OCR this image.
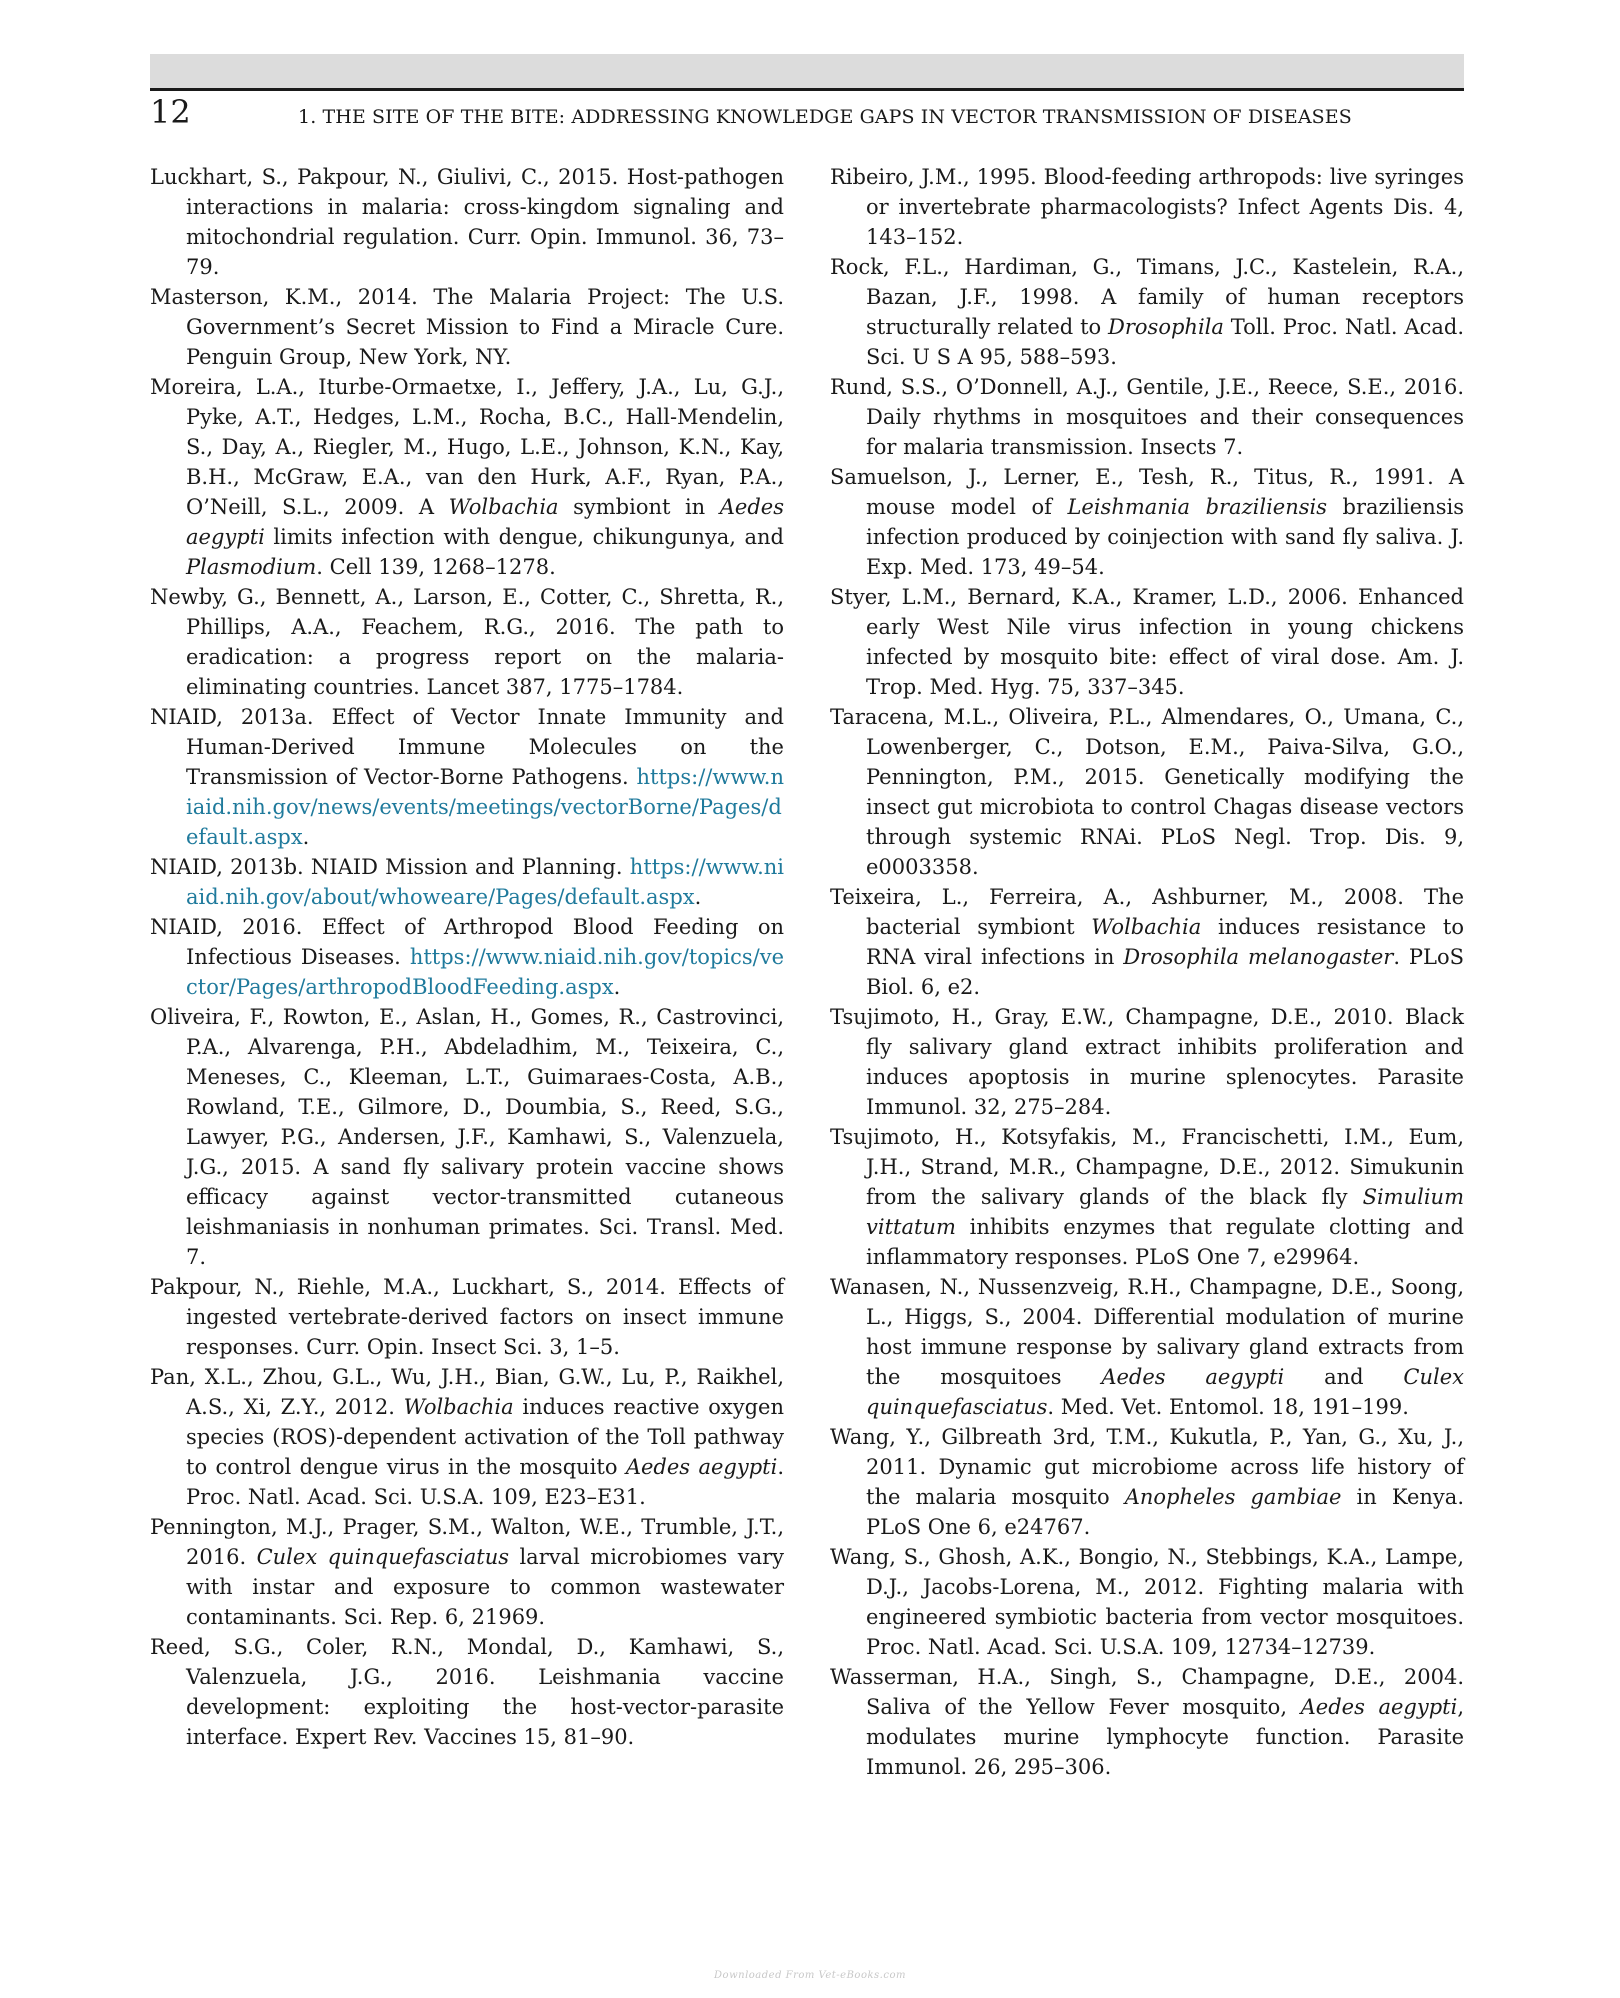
12	1. THE SITE OF THE BITE: ADDRESSING KNOWLEDGE GAPS IN VECTOR TRANSMISSION OF DISEASES

Luckhart, S., Pakpour, N., Giulivi, C., 2015. Host-pathogen interactions in malaria: cross-kingdom signaling and mitochondrial regulation. Curr. Opin. Immunol. 36, 73–79.

Masterson, K.M., 2014. The Malaria Project: The U.S. Government’s Secret Mission to Find a Miracle Cure. Penguin Group, New York, NY.

Moreira, L.A., Iturbe-Ormaetxe, I., Jeffery, J.A., Lu, G.J., Pyke, A.T., Hedges, L.M., Rocha, B.C., Hall-Mendelin, S., Day, A., Riegler, M., Hugo, L.E., Johnson, K.N., Kay, B.H., McGraw, E.A., van den Hurk, A.F., Ryan, P.A., O’Neill, S.L., 2009. A Wolbachia symbiont in Aedes aegypti limits infection with dengue, chikungunya, and Plasmodium. Cell 139, 1268–1278.

Newby, G., Bennett, A., Larson, E., Cotter, C., Shretta, R., Phillips, A.A., Feachem, R.G., 2016. The path to eradication: a progress report on the malaria-eliminating countries. Lancet 387, 1775–1784.

NIAID, 2013a. Effect of Vector Innate Immunity and Human-Derived Immune Molecules on the Transmission of Vector-Borne Pathogens. https://www.niaid.nih.gov/news/events/meetings/vectorBorne/Pages/default.aspx.

NIAID, 2013b. NIAID Mission and Planning. https://www.niaid.nih.gov/about/whoweare/Pages/default.aspx.

NIAID, 2016. Effect of Arthropod Blood Feeding on Infectious Diseases. https://www.niaid.nih.gov/topics/vector/Pages/arthropodBloodFeeding.aspx.

Oliveira, F., Rowton, E., Aslan, H., Gomes, R., Castrovinci, P.A., Alvarenga, P.H., Abdeladhim, M., Teixeira, C., Meneses, C., Kleeman, L.T., Guimaraes-Costa, A.B., Rowland, T.E., Gilmore, D., Doumbia, S., Reed, S.G., Lawyer, P.G., Andersen, J.F., Kamhawi, S., Valenzuela, J.G., 2015. A sand fly salivary protein vaccine shows efficacy against vector-transmitted cutaneous leishmaniasis in nonhuman primates. Sci. Transl. Med. 7.

Pakpour, N., Riehle, M.A., Luckhart, S., 2014. Effects of ingested vertebrate-derived factors on insect immune responses. Curr. Opin. Insect Sci. 3, 1–5.

Pan, X.L., Zhou, G.L., Wu, J.H., Bian, G.W., Lu, P., Raikhel, A.S., Xi, Z.Y., 2012. Wolbachia induces reactive oxygen species (ROS)-dependent activation of the Toll pathway to control dengue virus in the mosquito Aedes aegypti. Proc. Natl. Acad. Sci. U.S.A. 109, E23–E31.

Pennington, M.J., Prager, S.M., Walton, W.E., Trumble, J.T., 2016. Culex quinquefasciatus larval microbiomes vary with instar and exposure to common wastewater contaminants. Sci. Rep. 6, 21969.

Reed, S.G., Coler, R.N., Mondal, D., Kamhawi, S., Valenzuela, J.G., 2016. Leishmania vaccine development: exploiting the host-vector-parasite interface. Expert Rev. Vaccines 15, 81–90.

Ribeiro, J.M., 1995. Blood-feeding arthropods: live syringes or invertebrate pharmacologists? Infect Agents Dis. 4, 143–152.

Rock, F.L., Hardiman, G., Timans, J.C., Kastelein, R.A., Bazan, J.F., 1998. A family of human receptors structurally related to Drosophila Toll. Proc. Natl. Acad. Sci. U S A 95, 588–593.

Rund, S.S., O’Donnell, A.J., Gentile, J.E., Reece, S.E., 2016. Daily rhythms in mosquitoes and their consequences for malaria transmission. Insects 7.

Samuelson, J., Lerner, E., Tesh, R., Titus, R., 1991. A mouse model of Leishmania braziliensis braziliensis infection produced by coinjection with sand fly saliva. J. Exp. Med. 173, 49–54.

Styer, L.M., Bernard, K.A., Kramer, L.D., 2006. Enhanced early West Nile virus infection in young chickens infected by mosquito bite: effect of viral dose. Am. J. Trop. Med. Hyg. 75, 337–345.

Taracena, M.L., Oliveira, P.L., Almendares, O., Umana, C., Lowenberger, C., Dotson, E.M., Paiva-Silva, G.O., Pennington, P.M., 2015. Genetically modifying the insect gut microbiota to control Chagas disease vectors through systemic RNAi. PLoS Negl. Trop. Dis. 9, e0003358.

Teixeira, L., Ferreira, A., Ashburner, M., 2008. The bacterial symbiont Wolbachia induces resistance to RNA viral infections in Drosophila melanogaster. PLoS Biol. 6, e2.

Tsujimoto, H., Gray, E.W., Champagne, D.E., 2010. Black fly salivary gland extract inhibits proliferation and induces apoptosis in murine splenocytes. Parasite Immunol. 32, 275–284.

Tsujimoto, H., Kotsyfakis, M., Francischetti, I.M., Eum, J.H., Strand, M.R., Champagne, D.E., 2012. Simukunin from the salivary glands of the black fly Simulium vittatum inhibits enzymes that regulate clotting and inflammatory responses. PLoS One 7, e29964.

Wanasen, N., Nussenzveig, R.H., Champagne, D.E., Soong, L., Higgs, S., 2004. Differential modulation of murine host immune response by salivary gland extracts from the mosquitoes Aedes aegypti and Culex quinquefasciatus. Med. Vet. Entomol. 18, 191–199.

Wang, Y., Gilbreath 3rd, T.M., Kukutla, P., Yan, G., Xu, J., 2011. Dynamic gut microbiome across life history of the malaria mosquito Anopheles gambiae in Kenya. PLoS One 6, e24767.

Wang, S., Ghosh, A.K., Bongio, N., Stebbings, K.A., Lampe, D.J., Jacobs-Lorena, M., 2012. Fighting malaria with engineered symbiotic bacteria from vector mosquitoes. Proc. Natl. Acad. Sci. U.S.A. 109, 12734–12739.

Wasserman, H.A., Singh, S., Champagne, D.E., 2004. Saliva of the Yellow Fever mosquito, Aedes aegypti, modulates murine lymphocyte function. Parasite Immunol. 26, 295–306.

Downloaded From Vet-eBooks.com
